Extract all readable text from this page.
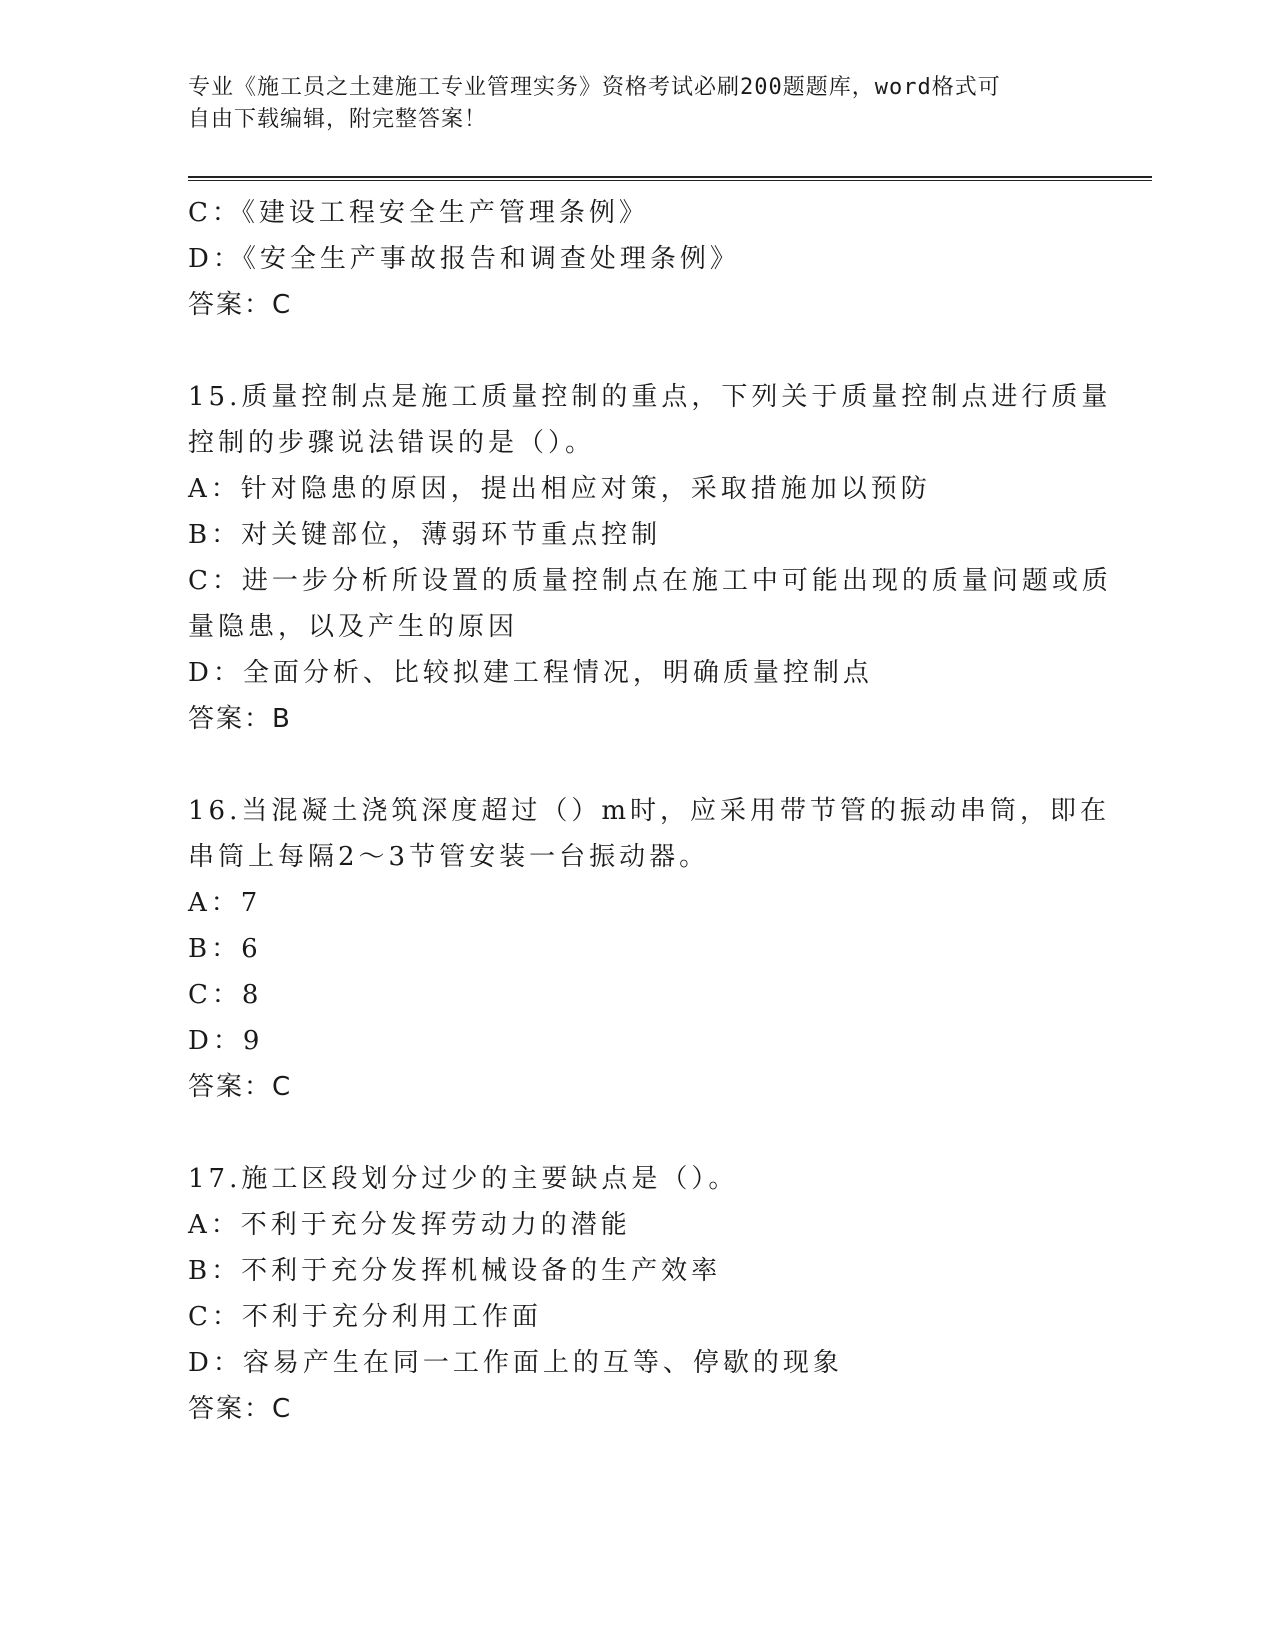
专业《施工员之土建施工专业管理实务》资格考试必刷200题题库，word格式可
自由下载编辑，附完整答案！
C：《建设工程安全生产管理条例》
D：《安全生产事故报告和调查处理条例》
答案：C
15.质量控制点是施工质量控制的重点，下列关于质量控制点进行质量
控制的步骤说法错误的是（）。
A：针对隐患的原因，提出相应对策，采取措施加以预防
B：对关键部位，薄弱环节重点控制
C：进一步分析所设置的质量控制点在施工中可能出现的质量问题或质
量隐患，以及产生的原因
D：全面分析、比较拟建工程情况，明确质量控制点
答案：B
16.当混凝土浇筑深度超过（）m时，应采用带节管的振动串筒，即在
串筒上每隔2～3节管安装一台振动器。
A：7
B：6
C：8
D：9
答案：C
17.施工区段划分过少的主要缺点是（）。
A：不利于充分发挥劳动力的潜能
B：不利于充分发挥机械设备的生产效率
C：不利于充分利用工作面
D：容易产生在同一工作面上的互等、停歇的现象
答案：C
